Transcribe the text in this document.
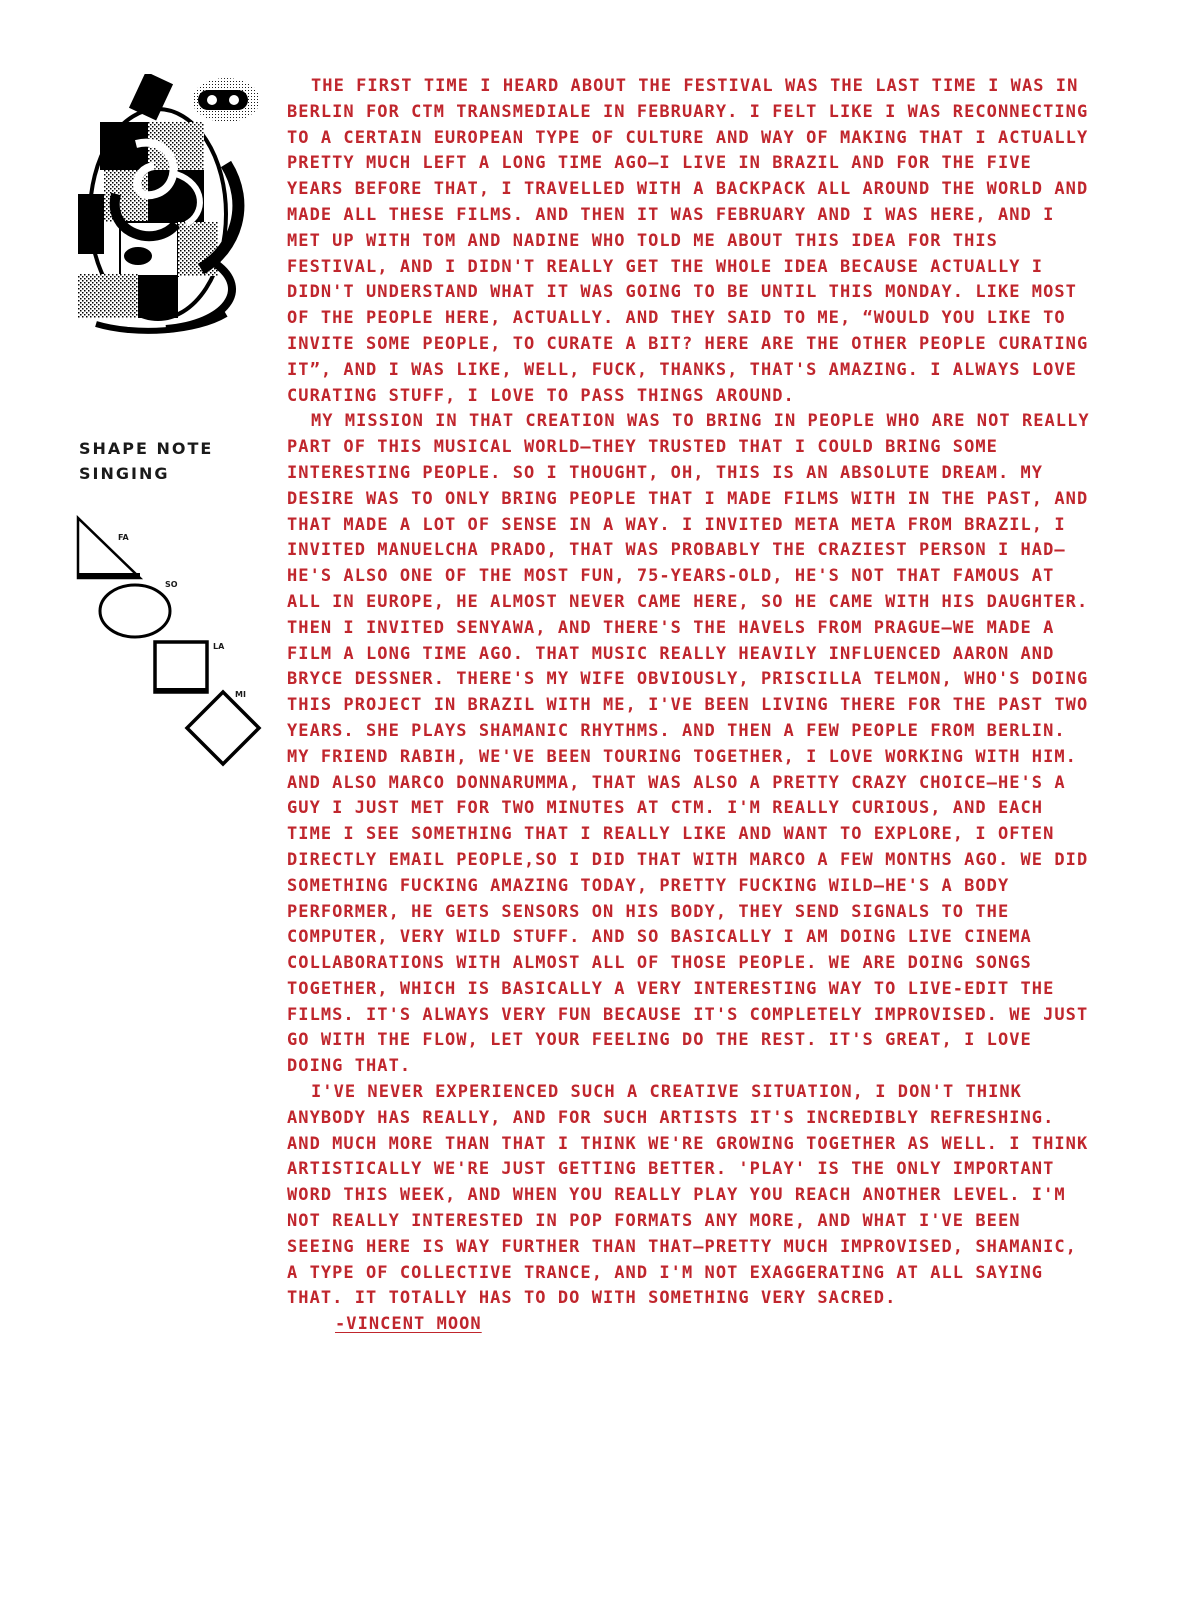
SHAPE NOTE
SINGING
FA
SO
LA
MI

THE FIRST TIME I HEARD ABOUT THE FESTIVAL WAS THE LAST TIME I WAS IN BERLIN FOR CTM TRANSMEDIALE IN FEBRUARY. I FELT LIKE I WAS RECONNECTING TO A CERTAIN EUROPEAN TYPE OF CULTURE AND WAY OF MAKING THAT I ACTUALLY PRETTY MUCH LEFT A LONG TIME AGO—I LIVE IN BRAZIL AND FOR THE FIVE YEARS BEFORE THAT, I TRAVELLED WITH A BACKPACK ALL AROUND THE WORLD AND MADE ALL THESE FILMS. AND THEN IT WAS FEBRUARY AND I WAS HERE, AND I MET UP WITH TOM AND NADINE WHO TOLD ME ABOUT THIS IDEA FOR THIS FESTIVAL, AND I DIDN'T REALLY GET THE WHOLE IDEA BECAUSE ACTUALLY I DIDN'T UNDERSTAND WHAT IT WAS GOING TO BE UNTIL THIS MONDAY. LIKE MOST OF THE PEOPLE HERE, ACTUALLY. AND THEY SAID TO ME, “WOULD YOU LIKE TO INVITE SOME PEOPLE, TO CURATE A BIT? HERE ARE THE OTHER PEOPLE CURATING IT”, AND I WAS LIKE, WELL, FUCK, THANKS, THAT'S AMAZING. I ALWAYS LOVE CURATING STUFF, I LOVE TO PASS THINGS AROUND.

MY MISSION IN THAT CREATION WAS TO BRING IN PEOPLE WHO ARE NOT REALLY PART OF THIS MUSICAL WORLD—THEY TRUSTED THAT I COULD BRING SOME INTERESTING PEOPLE. SO I THOUGHT, OH, THIS IS AN ABSOLUTE DREAM. MY DESIRE WAS TO ONLY BRING PEOPLE THAT I MADE FILMS WITH IN THE PAST, AND THAT MADE A LOT OF SENSE IN A WAY. I INVITED META META FROM BRAZIL, I INVITED MANUELCHA PRADO, THAT WAS PROBABLY THE CRAZIEST PERSON I HAD—HE'S ALSO ONE OF THE MOST FUN, 75-YEARS-OLD, HE'S NOT THAT FAMOUS AT ALL IN EUROPE, HE ALMOST NEVER CAME HERE, SO HE CAME WITH HIS DAUGHTER. THEN I INVITED SENYAWA, AND THERE'S THE HAVELS FROM PRAGUE—WE MADE A FILM A LONG TIME AGO. THAT MUSIC REALLY HEAVILY INFLUENCED AARON AND BRYCE DESSNER. THERE'S MY WIFE OBVIOUSLY, PRISCILLA TELMON, WHO'S DOING THIS PROJECT IN BRAZIL WITH ME, I'VE BEEN LIVING THERE FOR THE PAST TWO YEARS. SHE PLAYS SHAMANIC RHYTHMS. AND THEN A FEW PEOPLE FROM BERLIN. MY FRIEND RABIH, WE'VE BEEN TOURING TOGETHER, I LOVE WORKING WITH HIM. AND ALSO MARCO DONNARUMMA, THAT WAS ALSO A PRETTY CRAZY CHOICE—HE'S A GUY I JUST MET FOR TWO MINUTES AT CTM. I'M REALLY CURIOUS, AND EACH TIME I SEE SOMETHING THAT I REALLY LIKE AND WANT TO EXPLORE, I OFTEN DIRECTLY EMAIL PEOPLE,SO I DID THAT WITH MARCO A FEW MONTHS AGO. WE DID SOMETHING FUCKING AMAZING TODAY, PRETTY FUCKING WILD—HE'S A BODY PERFORMER, HE GETS SENSORS ON HIS BODY, THEY SEND SIGNALS TO THE COMPUTER, VERY WILD STUFF. AND SO BASICALLY I AM DOING LIVE CINEMA COLLABORATIONS WITH ALMOST ALL OF THOSE PEOPLE. WE ARE DOING SONGS TOGETHER, WHICH IS BASICALLY A VERY INTERESTING WAY TO LIVE-EDIT THE FILMS. IT'S ALWAYS VERY FUN BECAUSE IT'S COMPLETELY IMPROVISED. WE JUST GO WITH THE FLOW, LET YOUR FEELING DO THE REST. IT'S GREAT, I LOVE DOING THAT.

I'VE NEVER EXPERIENCED SUCH A CREATIVE SITUATION, I DON'T THINK ANYBODY HAS REALLY, AND FOR SUCH ARTISTS IT'S INCREDIBLY REFRESHING. AND MUCH MORE THAN THAT I THINK WE'RE GROWING TOGETHER AS WELL. I THINK ARTISTICALLY WE'RE JUST GETTING BETTER. 'PLAY' IS THE ONLY IMPORTANT WORD THIS WEEK, AND WHEN YOU REALLY PLAY YOU REACH ANOTHER LEVEL. I'M NOT REALLY INTERESTED IN POP FORMATS ANY MORE, AND WHAT I'VE BEEN SEEING HERE IS WAY FURTHER THAN THAT—PRETTY MUCH IMPROVISED, SHAMANIC, A TYPE OF COLLECTIVE TRANCE, AND I'M NOT EXAGGERATING AT ALL SAYING THAT. IT TOTALLY HAS TO DO WITH SOMETHING VERY SACRED.

-VINCENT MOON
